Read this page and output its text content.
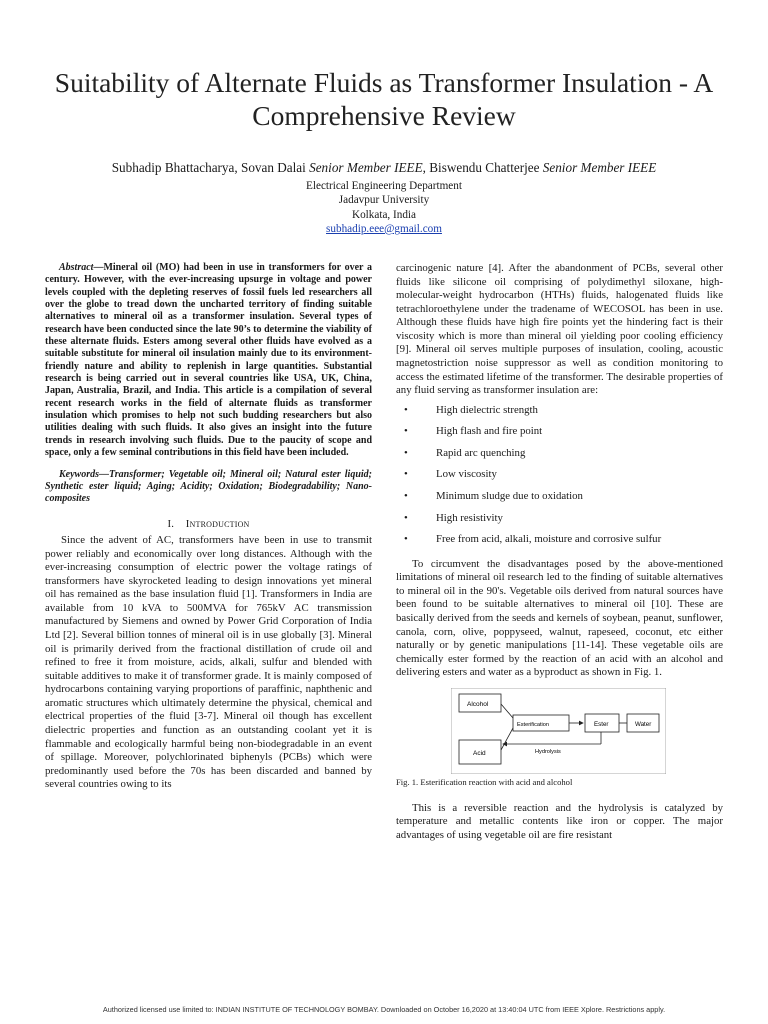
Suitability of Alternate Fluids as Transformer Insulation - A Comprehensive Review
Subhadip Bhattacharya, Sovan Dalai Senior Member IEEE, Biswendu Chatterjee Senior Member IEEE
Electrical Engineering Department
Jadavpur University
Kolkata, India
subhadip.eee@gmail.com

Abstract—Mineral oil (MO) had been in use in transformers for over a century. However, with the ever-increasing upsurge in voltage and power levels coupled with the depleting reserves of fossil fuels led researchers all over the globe to tread down the uncharted territory of finding suitable alternatives to mineral oil as a transformer insulation. Several types of research have been conducted since the late 90’s to determine the viability of these alternate fluids. Esters among several other fluids have evolved as a suitable substitute for mineral oil insulation mainly due to its environment-friendly nature and ability to replenish in large quantities. Substantial research is being carried out in several countries like USA, UK, China, Japan, Australia, Brazil, and India. This article is a compilation of several recent research works in the field of alternate fluids as transformer insulation which promises to help not such budding researchers but also utilities dealing with such fluids. It also gives an insight into the future trends in research involving such fluids. Due to the paucity of scope and space, only a few seminal contributions in this field have been included.

Keywords—Transformer; Vegetable oil; Mineral oil; Natural ester liquid; Synthetic ester liquid; Aging; Acidity; Oxidation; Biodegradability; Nano-composites

I. Introduction

Since the advent of AC, transformers have been in use to transmit power reliably and economically over long distances. Although with the ever-increasing consumption of electric power the voltage ratings of transformers have skyrocketed leading to design innovations yet mineral oil has remained as the base insulation fluid [1]. Transformers in India are available from 10 kVA to 500MVA for 765kV AC transmission manufactured by Siemens and owned by Power Grid Corporation of India Ltd [2]. Several billion tonnes of mineral oil is in use globally [3]. Mineral oil is primarily derived from the fractional distillation of crude oil and refined to free it from moisture, acids, alkali, sulfur and blended with suitable additives to make it of transformer grade. It is mainly composed of hydrocarbons containing varying proportions of paraffinic, naphthenic and aromatic structures which ultimately determine the physical, chemical and electrical properties of the fluid [3-7]. Mineral oil though has excellent dielectric properties and function as an outstanding coolant yet it is flammable and ecologically harmful being non-biodegradable in an event of spillage. Moreover, polychlorinated biphenyls (PCBs) which were predominantly used before the 70s has been discarded and banned by several countries owing to its

carcinogenic nature [4]. After the abandonment of PCBs, several other fluids like silicone oil comprising of polydimethyl siloxane, high-molecular-weight hydrocarbon (HTHs) fluids, halogenated fluids like tetrachloroethylene under the tradename of WECOSOL has been in use. Although these fluids have high fire points yet the hindering fact is their viscosity which is more than mineral oil yielding poor cooling efficiency [9]. Mineral oil serves multiple purposes of insulation, cooling, acoustic magnetostriction noise suppressor as well as condition monitoring to access the estimated lifetime of the transformer. The desirable properties of any fluid serving as transformer insulation are:

•	High dielectric strength
•	High flash and fire point
•	Rapid arc quenching
•	Low viscosity
•	Minimum sludge due to oxidation
•	High resistivity
•	Free from acid, alkali, moisture and corrosive sulfur

To circumvent the disadvantages posed by the above-mentioned limitations of mineral oil research led to the finding of suitable alternatives to mineral oil in the 90's. Vegetable oils derived from natural sources have been found to be suitable alternatives to mineral oil [10]. These are basically derived from the seeds and kernels of soybean, peanut, sunflower, canola, corn, olive, poppyseed, walnut, rapeseed, coconut, etc either naturally or by genetic manipulations [11-14]. These vegetable oils are chemically ester formed by the reaction of an acid with an alcohol and delivering esters and water as a byproduct as shown in Fig. 1.

Alcohol
Acid
Esterification	Ester	Water
Hydrolysis

Fig. 1. Esterification reaction with acid and alcohol

This is a reversible reaction and the hydrolysis is catalyzed by temperature and metallic contents like iron or copper. The major advantages of using vegetable oil are fire resistant

Authorized licensed use limited to: INDIAN INSTITUTE OF TECHNOLOGY BOMBAY. Downloaded on October 16,2020 at 13:40:04 UTC from IEEE Xplore. Restrictions apply.
